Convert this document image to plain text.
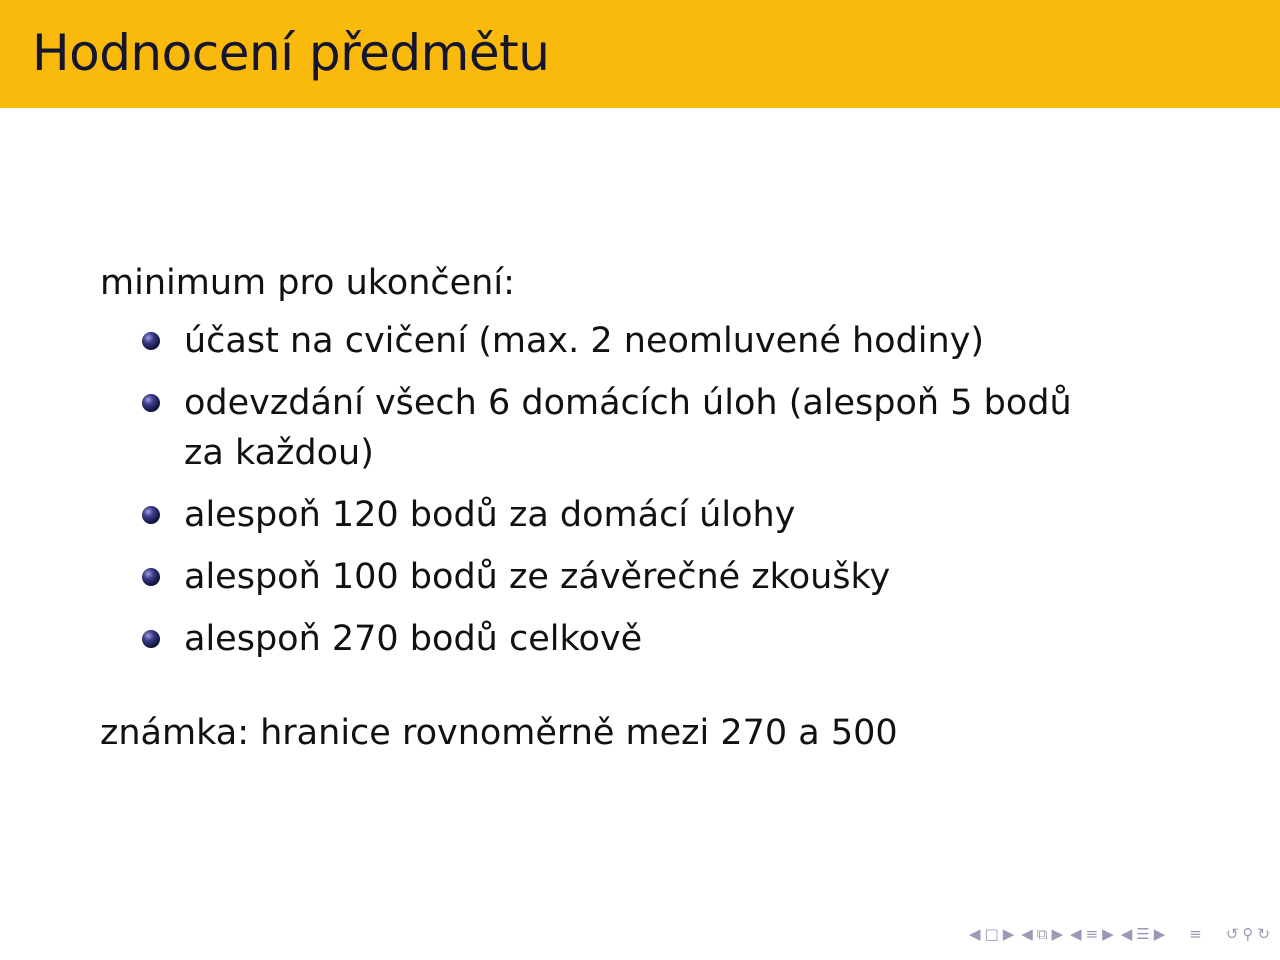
Hodnocení předmětu
minimum pro ukončení:
účast na cvičení (max. 2 neomluvené hodiny)
odevzdání všech 6 domácích úloh (alespoň 5 bodů za každou)
alespoň 120 bodů za domácí úlohy
alespoň 100 bodů ze závěrečné zkoušky
alespoň 270 bodů celkově
známka: hranice rovnoměrně mezi 270 a 500
◀ □ ▶ ◀ ⧉ ▶ ◀ ≡ ▶ ◀ ☰ ▶ ≡ ↺ ⚲ ↻
